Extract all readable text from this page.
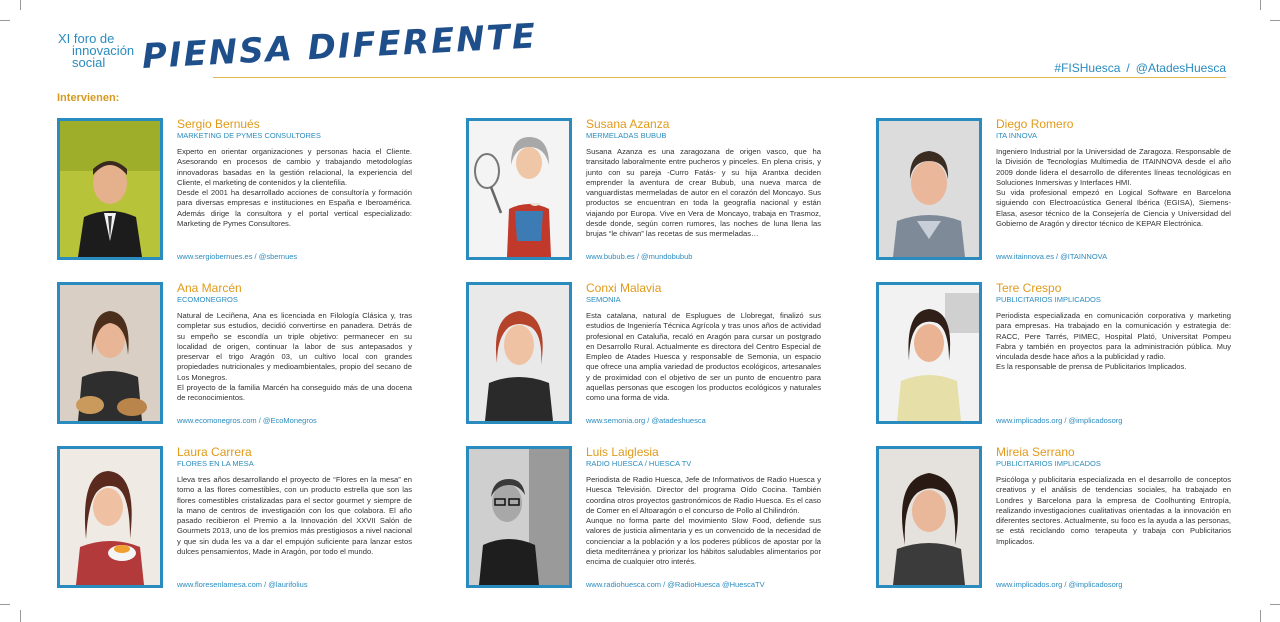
XI foro de
innovación
social	PIENSA DIFERENTE	#FISHuesca / @AtadesHuesca
Intervienen:
Sergio Bernués
MARKETING DE PYMES CONSULTORES

Experto en orientar organizaciones y personas hacia el Cliente. Asesorando en procesos de cambio y trabajando metodologías innovadoras basadas en la gestión relacional, la experiencia del Cliente, el marketing de contenidos y la clientefilia.

Desde el 2001 ha desarrollado acciones de consultoría y formación para diversas empresas e instituciones en España e Iberoamérica. Además dirige la consultora y el portal vertical especializado: Marketing de Pymes Consultores.

www.sergiobernues.es / @sbernues
Susana Azanza
MERMELADAS BUBUB

Susana Azanza es una zaragozana de origen vasco, que ha transitado laboralmente entre pucheros y pinceles. En plena crisis, y junto con su pareja -Curro Fatás- y su hija Arantxa deciden emprender la aventura de crear Bubub, una nueva marca de vanguardistas mermeladas de autor en el corazón del Moncayo. Sus productos se encuentran en toda la geografía nacional y están viajando por Europa. Vive en Vera de Moncayo, trabaja en Trasmoz, desde donde, según corren rumores, las noches de luna llena las brujas “le chivan” las recetas de sus mermeladas…

www.bubub.es / @mundobubub
Diego Romero
ITA INNOVA

Ingeniero Industrial por la Universidad de Zaragoza. Responsable de la División de Tecnologías Multimedia de ITAINNOVA desde el año 2009 donde lidera el desarrollo de diferentes líneas tecnológicas en Soluciones Inmersivas y Interfaces HMI.

Su vida profesional empezó en Logical Software en Barcelona siguiendo con Electroacústica General Ibérica (EGISA), Siemens-Elasa, asesor técnico de la Consejería de Ciencia y Universidad del Gobierno de Aragón y director técnico de KEPAR Electrónica.

www.itainnova.es / @ITAINNOVA
Ana Marcén
ECOMONEGROS

Natural de Leciñena, Ana es licenciada en Filología Clásica y, tras completar sus estudios, decidió convertirse en panadera. Detrás de su empeño se escondía un triple objetivo: permanecer en su localidad de origen, continuar la labor de sus antepasados y preservar el trigo Aragón 03, un cultivo local con grandes propiedades nutricionales y medioambientales, propio del secano de Los Monegros.

El proyecto de la familia Marcén ha conseguido más de una docena de reconocimientos.

www.ecomonegros.com / @EcoMonegros
Conxi Malavia
SEMONIA

Esta catalana, natural de Esplugues de Llobregat, finalizó sus estudios de Ingeniería Técnica Agrícola y tras unos años de actividad profesional en Cataluña, recaló en Aragón para cursar un postgrado en Desarrollo Rural. Actualmente es directora del Centro Especial de Empleo de Atades Huesca y responsable de Semonia, un espacio que ofrece una amplia variedad de productos ecológicos, artesanales y de proximidad con el objetivo de ser un punto de encuentro para aquellas personas que escogen los productos ecológicos y naturales como una forma de vida.

www.semonia.org / @atadeshuesca
Tere Crespo
PUBLICITARIOS IMPLICADOS

Periodista especializada en comunicación corporativa y marketing para empresas. Ha trabajado en la comunicación y estrategia de: RACC, Pere Tarrés, PIMEC, Hospital Plató, Universitat Pompeu Fabra y también en proyectos para la administración pública. Muy vinculada desde hace años a la publicidad y radio.

Es la responsable de prensa de Publicitarios Implicados.

www.implicados.org / @implicadosorg
Laura Carrera
FLORES EN LA MESA

Lleva tres años desarrollando el proyecto de “Flores en la mesa” en torno a las flores comestibles, con un producto estrella que son las flores comestibles cristalizadas para el sector gourmet y siempre de la mano de centros de investigación con los que colabora. El año pasado recibieron el Premio a la Innovación del XXVII Salón de Gourmets 2013, uno de los premios más prestigiosos a nivel nacional y que sin duda les va a dar el empujón suficiente para lanzar estos dulces pensamientos, Made in Aragón, por todo el mundo.

www.floresenlamesa.com / @laurifolius
Luis Laiglesia
RADIO HUESCA / HUESCA TV

Periodista de Radio Huesca, Jefe de Informativos de Radio Huesca y Huesca Televisión. Director del programa Oído Cocina. También coordina otros proyectos gastronómicos de Radio Huesca. Es el caso de Comer en el Altoaragón o el concurso de Pollo al Chilindrón.

Aunque no forma parte del movimiento Slow Food, defiende sus valores de justicia alimentaria y es un convencido de la necesidad de concienciar a la población y a los poderes públicos de apostar por la dieta mediterránea y priorizar los hábitos saludables alimentarios por encima de cualquier otro interés.

www.radiohuesca.com / @RadioHuesca @HuescaTV
Mireia Serrano
PUBLICITARIOS IMPLICADOS

Psicóloga y publicitaria especializada en el desarrollo de conceptos creativos y el análisis de tendencias sociales, ha trabajado en Londres y Barcelona para la empresa de Coolhunting Entropía, realizando investigaciones cualitativas orientadas a la innovación en diferentes sectores. Actualmente, su foco es la ayuda a las personas, se está reciclando como terapeuta y trabaja con Publicitarios Implicados.

www.implicados.org / @implicadosorg
